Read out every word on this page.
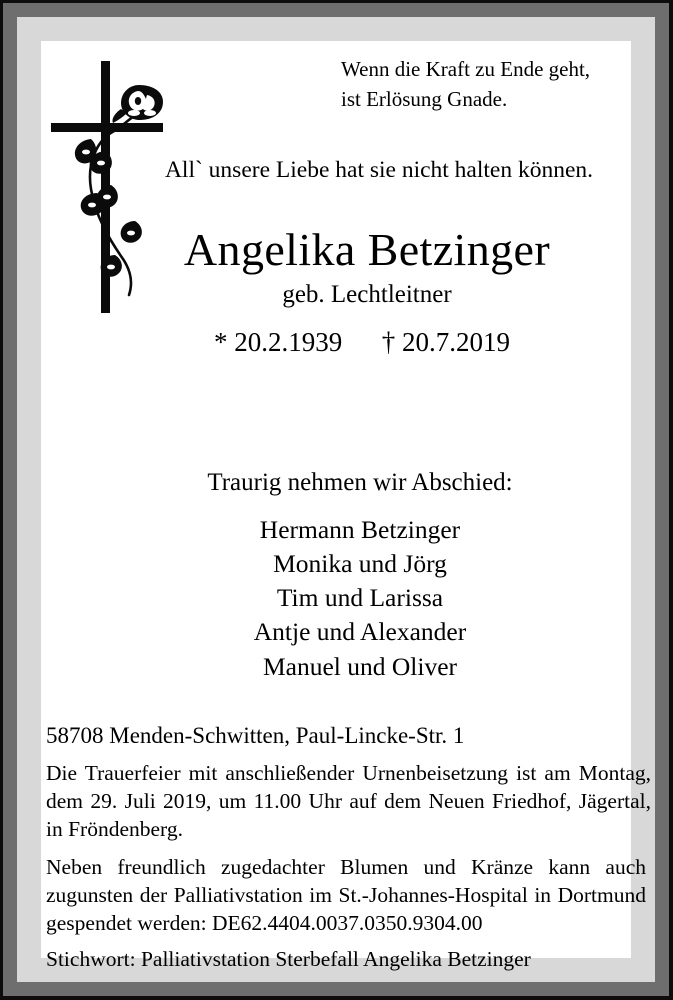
Wenn die Kraft zu Ende geht,
ist Erlösung Gnade.
All` unsere Liebe hat sie nicht halten können.
Angelika Betzinger
geb. Lechtleitner
* 20.2.1939 † 20.7.2019
Traurig nehmen wir Abschied:
Hermann Betzinger
Monika und Jörg
Tim und Larissa
Antje und Alexander
Manuel und Oliver
58708 Menden-Schwitten, Paul-Lincke-Str. 1
Die Trauerfeier mit anschließender Urnenbeisetzung ist am Montag, dem 29. Juli 2019, um 11.00 Uhr auf dem Neuen Friedhof, Jägertal, in Fröndenberg.
Neben freundlich zugedachter Blumen und Kränze kann auch zugunsten der Palliativstation im St.-Johannes-Hospital in Dortmund gespendet werden: DE62.4404.0037.0350.9304.00
Stichwort: Palliativstation Sterbefall Angelika Betzinger
